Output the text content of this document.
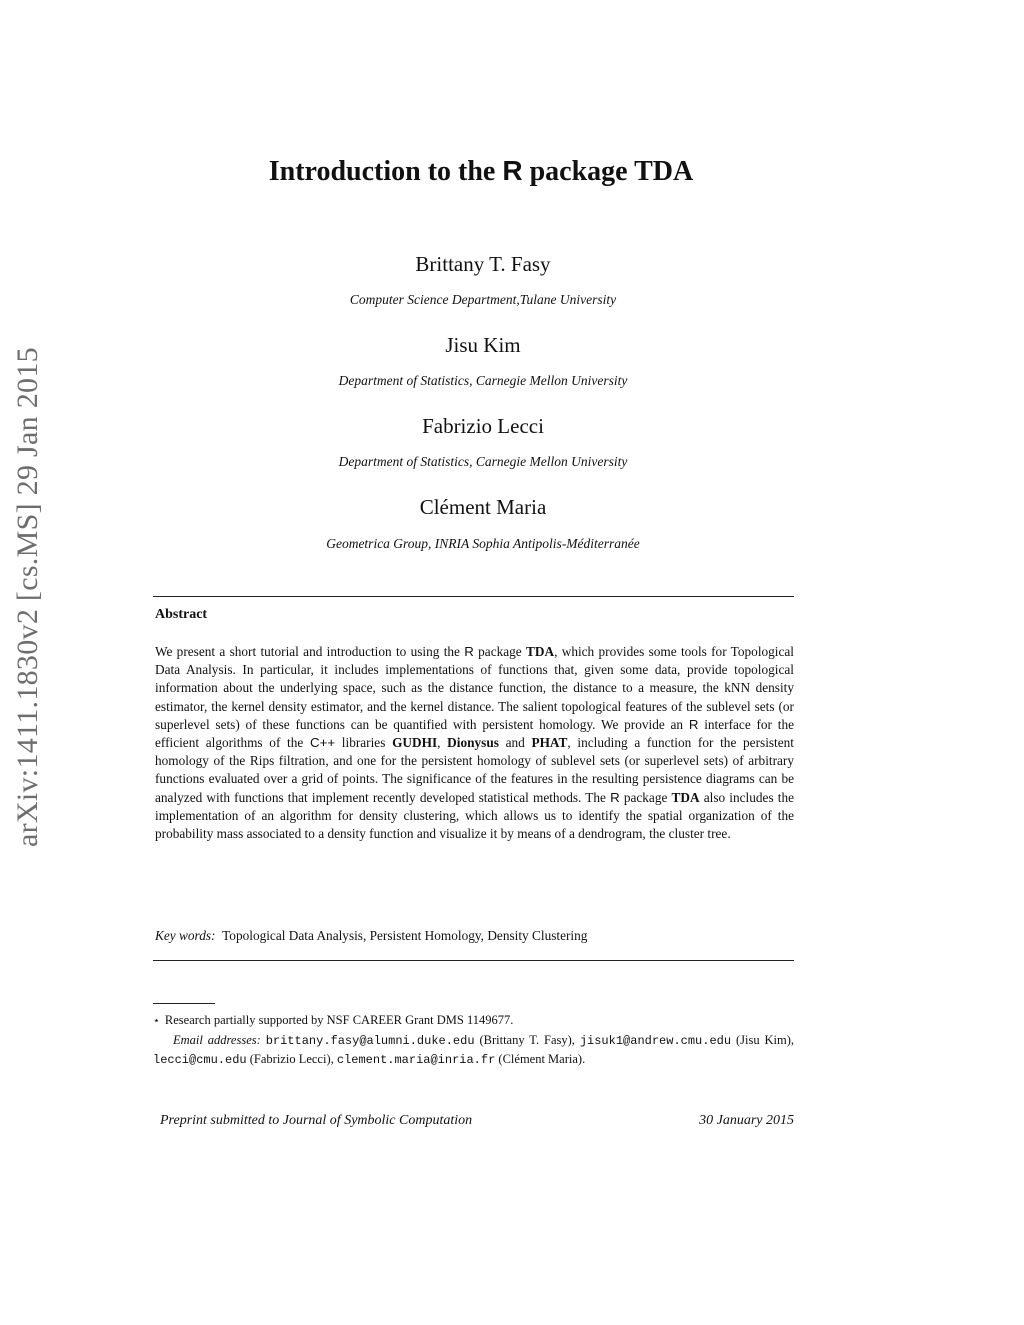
arXiv:1411.1830v2 [cs.MS] 29 Jan 2015
Introduction to the R package TDA
Brittany T. Fasy
Computer Science Department,Tulane University
Jisu Kim
Department of Statistics, Carnegie Mellon University
Fabrizio Lecci
Department of Statistics, Carnegie Mellon University
Clément Maria
Geometrica Group, INRIA Sophia Antipolis-Méditerranée
Abstract
We present a short tutorial and introduction to using the R package TDA, which provides some tools for Topological Data Analysis. In particular, it includes implementations of functions that, given some data, provide topological information about the underlying space, such as the distance function, the distance to a measure, the kNN density estimator, the kernel density estimator, and the kernel distance. The salient topological features of the sublevel sets (or superlevel sets) of these functions can be quantified with persistent homology. We provide an R interface for the efficient algorithms of the C++ libraries GUDHI, Dionysus and PHAT, including a function for the persistent homology of the Rips filtration, and one for the persistent homology of sublevel sets (or superlevel sets) of arbitrary functions evaluated over a grid of points. The significance of the features in the resulting persistence diagrams can be analyzed with functions that implement recently developed statistical methods. The R package TDA also includes the implementation of an algorithm for density clustering, which allows us to identify the spatial organization of the probability mass associated to a density function and visualize it by means of a dendrogram, the cluster tree.
Key words: Topological Data Analysis, Persistent Homology, Density Clustering
⋆ Research partially supported by NSF CAREER Grant DMS 1149677.
Email addresses: brittany.fasy@alumni.duke.edu (Brittany T. Fasy), jisuk1@andrew.cmu.edu (Jisu Kim), lecci@cmu.edu (Fabrizio Lecci), clement.maria@inria.fr (Clément Maria).
Preprint submitted to Journal of Symbolic Computation	30 January 2015
